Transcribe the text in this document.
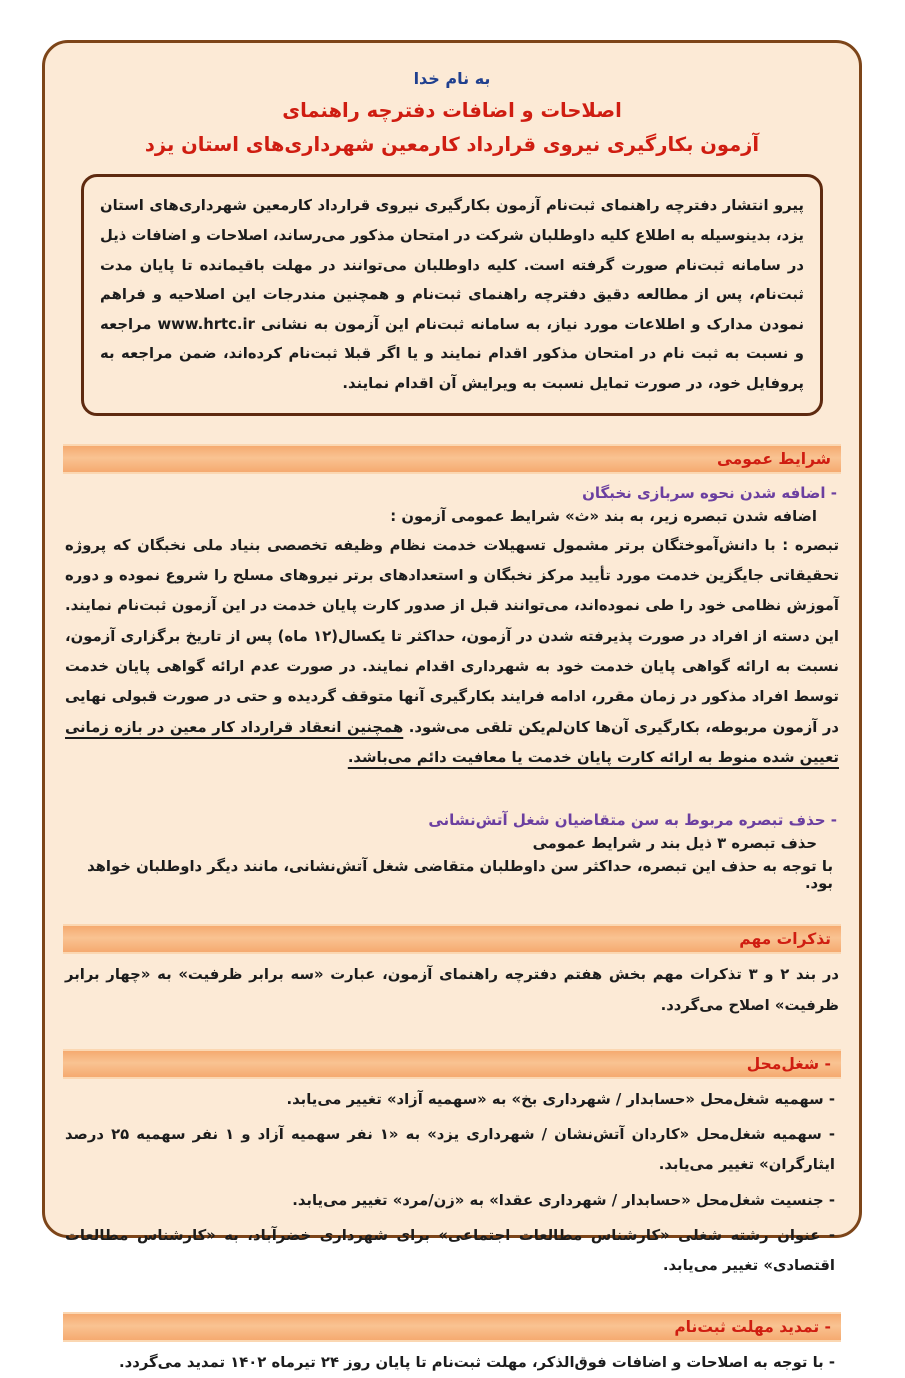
به نام خدا
اصلاحات و اضافات دفترچه راهنمای
آزمون بکارگیری نیروی قرارداد کارمعین شهرداری‌های استان یزد

پیرو انتشار دفترچه راهنمای ثبت‌نام آزمون بکارگیری نیروی قرارداد کارمعین شهرداری‌های استان یزد، بدینوسیله به اطلاع کلیه داوطلبان شرکت در امتحان مذکور می‌رساند، اصلاحات و اضافات ذیل در سامانه ثبت‌نام صورت گرفته است. کلیه داوطلبان می‌توانند در مهلت باقیمانده تا پایان مدت ثبت‌نام، پس از مطالعه دقیق دفترچه راهنمای ثبت‌نام و همچنین مندرجات این اصلاحیه و فراهم نمودن مدارک و اطلاعات مورد نیاز، به سامانه ثبت‌نام این آزمون به نشانی www.hrtc.ir مراجعه و نسبت به ثبت نام در امتحان مذکور اقدام نمایند و یا اگر قبلا ثبت‌نام کرده‌اند، ضمن مراجعه به پروفایل خود، در صورت تمایل نسبت به ویرایش آن اقدام نمایند.

شرایط عمومی
- اضافه شدن نحوه سربازی نخبگان
اضافه شدن تبصره زیر، به بند «ث» شرایط عمومی آزمون :

تبصره : با دانش‌آموختگان برتر مشمول تسهیلات خدمت نظام وظیفه تخصصی بنیاد ملی نخبگان که پروژه تحقیقاتی جایگزین خدمت مورد تأیید مرکز نخبگان و استعدادهای برتر نیروهای مسلح را شروع نموده و دوره آموزش نظامی خود را طی نموده‌اند، می‌توانند قبل از صدور کارت پایان خدمت در این آزمون ثبت‌نام نمایند. این دسته از افراد در صورت پذیرفته شدن در آزمون، حداکثر تا یکسال(۱۲ ماه) پس از تاریخ برگزاری آزمون، نسبت به ارائه گواهی پایان خدمت خود به شهرداری اقدام نمایند. در صورت عدم ارائه گواهی پایان خدمت توسط افراد مذکور در زمان مقرر، ادامه فرایند بکارگیری آنها متوقف گردیده و حتی در صورت قبولی نهایی در آزمون مربوطه، بکارگیری آن‌ها کان‌لم‌یکن تلقی می‌شود. همچنین انعقاد قرارداد کار معین در بازه زمانی تعیین شده منوط به ارائه کارت پایان خدمت یا معافیت دائم می‌باشد.

- حذف تبصره مربوط به سن متقاضیان شغل آتش‌نشانی
حذف تبصره ۳ ذیل بند ر شرایط عمومی
با توجه به حذف این تبصره، حداکثر سن داوطلبان متقاضی شغل آتش‌نشانی، مانند دیگر داوطلبان خواهد بود.
تذکرات مهم

در بند ۲ و ۳ تذکرات مهم بخش هفتم دفترچه راهنمای آزمون، عبارت «سه برابر ظرفیت» به «چهار برابر ظرفیت» اصلاح می‌گردد.

- شغل‌محل

- سهمیه شغل‌محل «حسابدار / شهرداری بخ» به «سهمیه آزاد» تغییر می‌یابد.

- سهمیه شغل‌محل «کاردان آتش‌نشان / شهرداری یزد» به «۱ نفر سهمیه آزاد و ۱ نفر سهمیه ۲۵ درصد ایثارگران» تغییر می‌یابد.

- جنسیت شغل‌محل «حسابدار / شهرداری عقدا» به «زن/مرد» تغییر می‌یابد.

- عنوان رشته شغلی «کارشناس مطالعات اجتماعی» برای شهرداری خضرآباد، به «کارشناس مطالعات اقتصادی» تغییر می‌یابد.

- تمدید مهلت ثبت‌نام

- با توجه به اصلاحات و اضافات فوق‌الذکر، مهلت ثبت‌نام تا پایان روز ۲۴ تیرماه ۱۴۰۲ تمدید می‌گردد.
